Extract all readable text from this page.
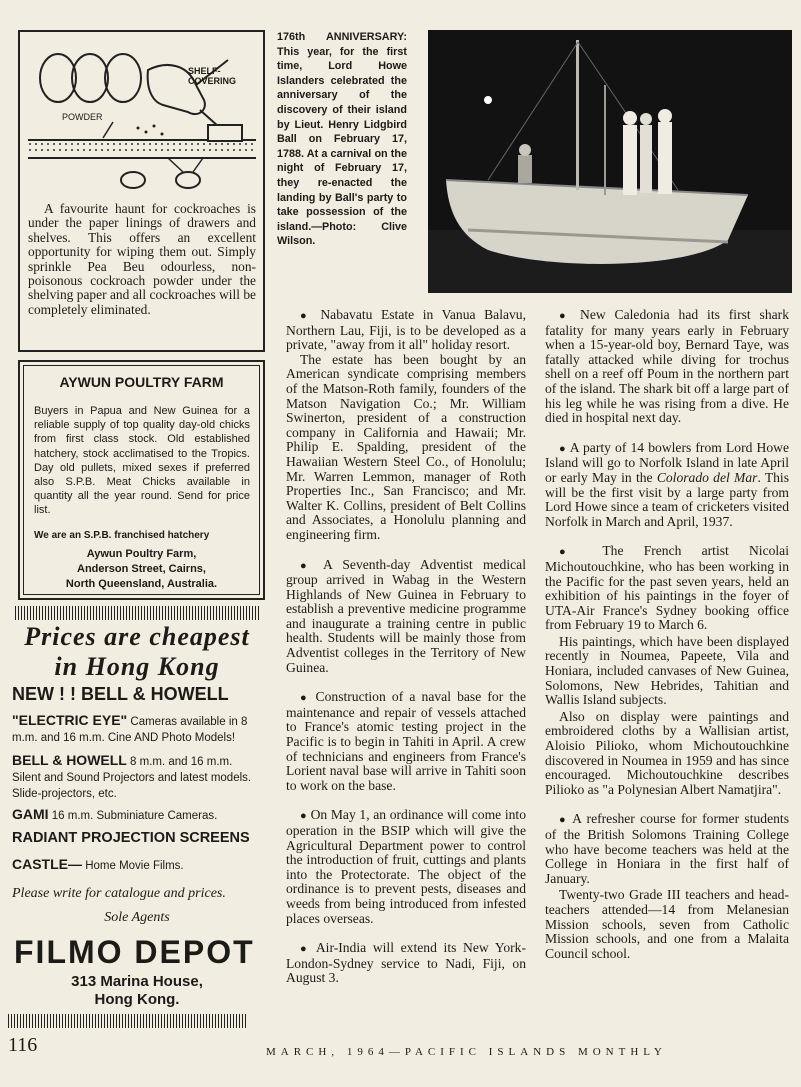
SHELF-COVERING
POWDER
A favourite haunt for cockroaches is under the paper linings of drawers and shelves. This offers an excellent opportunity for wiping them out. Simply sprinkle Pea Beu odourless, non-poisonous cockroach powder under the shelving paper and all cockroaches will be completely eliminated.
AYWUN POULTRY FARM
Buyers in Papua and New Guinea for a reliable supply of top quality day-old chicks from first class stock. Old established hatchery, stock acclimatised to the Tropics. Day old pullets, mixed sexes if preferred also S.P.B. Meat Chicks available in quantity all the year round. Send for price list.
We are an S.P.B. franchised hatchery
Aywun Poultry Farm,
Anderson Street, Cairns,
North Queensland, Australia.
Prices are cheapest
in Hong Kong
NEW ! ! BELL & HOWELL
"ELECTRIC EYE" Cameras available in 8 m.m. and 16 m.m. Cine AND Photo Models!
BELL & HOWELL 8 m.m. and 16 m.m. Silent and Sound Projectors and latest models. Slide-projectors, etc.
GAMI 16 m.m. Subminiature Cameras.
RADIANT PROJECTION SCREENS
CASTLE— Home Movie Films.
Please write for catalogue and prices.
Sole Agents
FILMO DEPOT
313 Marina House,
Hong Kong.
176th ANNIVERSARY: This year, for the first time, Lord Howe Islanders celebrated the anniversary of the discovery of their island by Lieut. Henry Lidgbird Ball on February 17, 1788. At a carnival on the night of February 17, they re-enacted the landing by Ball's party to take possession of the island.—Photo: Clive Wilson.

● Nabavatu Estate in Vanua Balavu, Northern Lau, Fiji, is to be developed as a private, "away from it all" holiday resort.

The estate has been bought by an American syndicate comprising members of the Matson-Roth family, founders of the Matson Navigation Co.; Mr. William Swinerton, president of a construction company in California and Hawaii; Mr. Philip E. Spalding, president of the Hawaiian Western Steel Co., of Honolulu; Mr. Warren Lemmon, manager of Roth Properties Inc., San Francisco; and Mr. Walter K. Collins, president of Belt Collins and Associates, a Honolulu planning and engineering firm.

● A Seventh-day Adventist medical group arrived in Wabag in the Western Highlands of New Guinea in February to establish a preventive medicine programme and inaugurate a training centre in public health. Students will be mainly those from Adventist colleges in the Territory of New Guinea.

● Construction of a naval base for the maintenance and repair of vessels attached to France's atomic testing project in the Pacific is to begin in Tahiti in April. A crew of technicians and engineers from France's Lorient naval base will arrive in Tahiti soon to work on the base.

● On May 1, an ordinance will come into operation in the BSIP which will give the Agricultural Department power to control the introduction of fruit, cuttings and plants into the Protectorate. The object of the ordinance is to prevent pests, diseases and weeds from being introduced from infested places overseas.

● Air-India will extend its New York-London-Sydney service to Nadi, Fiji, on August 3.

● New Caledonia had its first shark fatality for many years early in February when a 15-year-old boy, Bernard Taye, was fatally attacked while diving for trochus shell on a reef off Poum in the northern part of the island. The shark bit off a large part of his leg while he was rising from a dive. He died in hospital next day.

● A party of 14 bowlers from Lord Howe Island will go to Norfolk Island in late April or early May in the Colorado del Mar. This will be the first visit by a large party from Lord Howe since a team of cricketers visited Norfolk in March and April, 1937.

● The French artist Nicolai Michoutouchkine, who has been working in the Pacific for the past seven years, held an exhibition of his paintings in the foyer of UTA-Air France's Sydney booking office from February 19 to March 6.

His paintings, which have been displayed recently in Noumea, Papeete, Vila and Honiara, included canvases of New Guinea, Solomons, New Hebrides, Tahitian and Wallis Island subjects.

Also on display were paintings and embroidered cloths by a Wallisian artist, Aloisio Pilioko, whom Michoutouchkine discovered in Noumea in 1959 and has since encouraged. Michoutouchkine describes Pilioko as "a Polynesian Albert Namatjira".

● A refresher course for former students of the British Solomons Training College who have become teachers was held at the College in Honiara in the first half of January.

Twenty-two Grade III teachers and head-teachers attended—14 from Melanesian Mission schools, seven from Catholic Mission schools, and one from a Malaita Council school.

116	MARCH, 1964—PACIFIC ISLANDS MONTHLY
